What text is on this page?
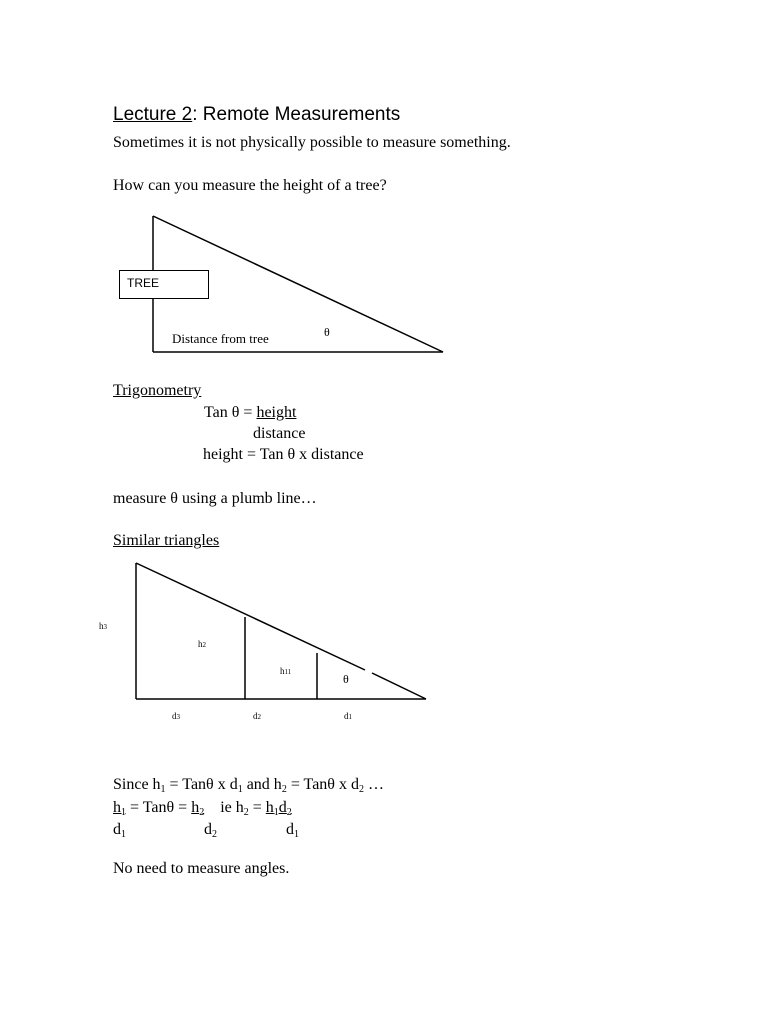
Lecture 2: Remote Measurements
Sometimes it is not physically possible to measure something.
How can you measure the height of a tree?
TREE
Distance from tree	θ
Trigonometry
Tan θ = height
distance
height = Tan θ x distance
measure θ using a plumb line…
Similar triangles
h3
h2
h11	θ
d3	d2	d1
Since $h_1 = Tan\theta$ x $d_1$ and $h_2 = Tan\theta$ x $d_2$ …
$h_1 = Tan\theta = h_2$ ie $h_2 = h_1d_2$
$d_1$	$d_2$	$d_1$
No need to measure angles.
